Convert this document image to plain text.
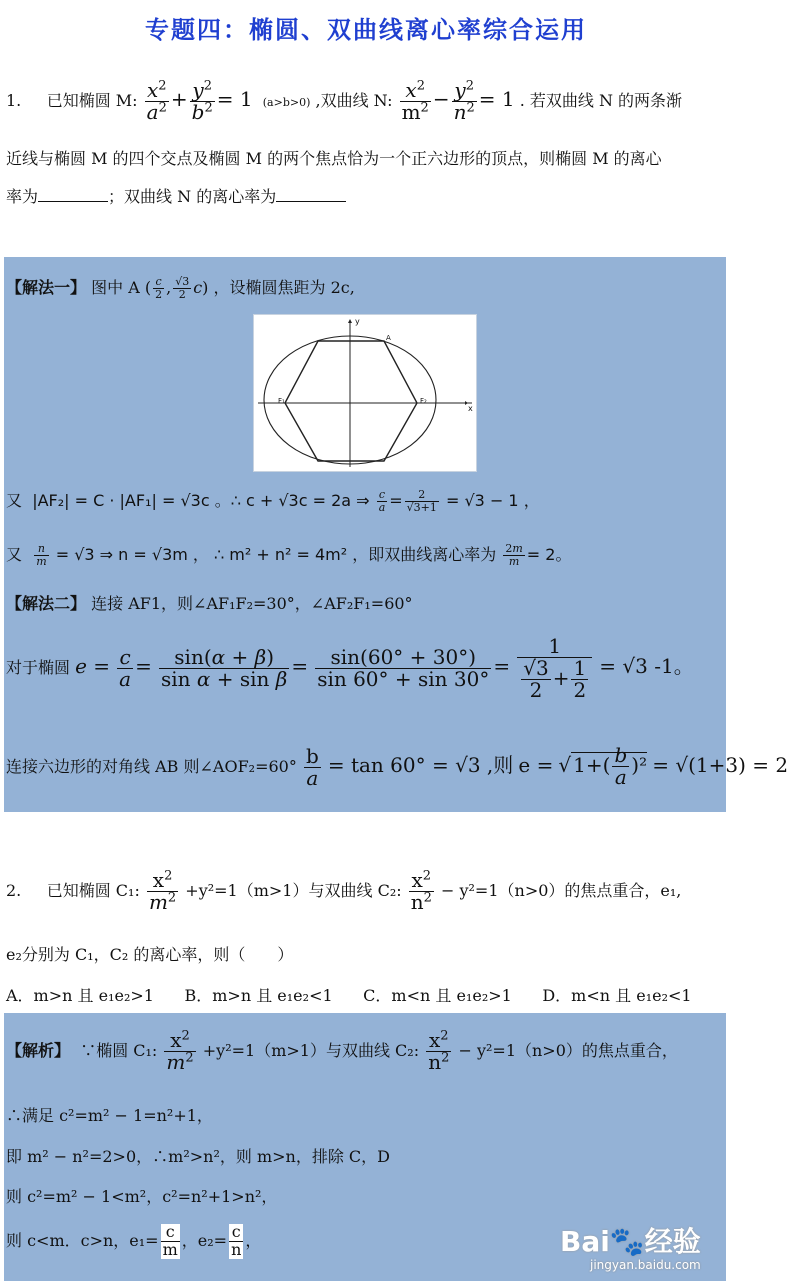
专题四：椭圆、双曲线离心率综合运用
1. 已知椭圆 M: $\frac{x^2}{a^2} + \frac{y^2}{b^2} = 1$ (a>b>0) ,双曲线 N: $\frac{x^2}{m^2} - \frac{y^2}{n^2} = 1$ . 若双曲线 N 的两条渐
近线与椭圆 M 的四个交点及椭圆 M 的两个焦点恰为一个正六边形的顶点，则椭圆 M 的离心
率为	；双曲线 N 的离心率为
【解法一】 图中 A ( $\frac{c}{2}$ , $\frac{√3}{2} c$) ，设椭圆焦距为 2c,
y
x
A
F₁	F₂
又 |AF₂| = C · |AF₁| = √3c 。∴ c + √3c = 2a ⇒ $\frac{c}{a} = \frac{2}{√3+1} = √3 - 1$ ，
又 $\frac{n}{m} = √3$ ⇒ n = √3m ， ∴ m² + n² = 4m² ，即双曲线离心率为 $\frac{2m}{m} = 2$。
【解法二】 连接 AF1，则∠AF₁F₂=30°，∠AF₂F₁=60°
对于椭圆 $e = \frac{c}{a} = \frac{\sin(\alpha + \beta)}{\text{sin α + sin β}} = \frac{\sin(60^\circ + 30^\circ)}{\sin 60^\circ + \sin 30^\circ} = \frac{1}{\frac{√3}{2} + \frac{1}{2}} = √3$ -1。
连接六边形的对角线 AB 则∠AOF₂=60° $\frac{b}{a} = \tan 60^\circ = √3$ ,则 e = √ $1+( \frac{b}{a} )^2 = √(1+3) = 2$
2. 已知椭圆 C₁: $\frac{x^2}{m^2} +y^2=1(m>1)$与双曲线 C₂: $\frac{x^2}{n^2} - y^2=1(n>0)$的焦点重合，e₁,
e₂分别为 C₁，C₂ 的离心率，则（　　）
A．m>n 且 e₁e₂>1 B．m>n 且 e₁e₂<1 C．m<n 且 e₁e₂>1 D．m<n 且 e₁e₂<1
【解析】 ∵椭圆 C₁: $\frac{x^2}{m^2} +y^2=1(m>1)$与双曲线 C₂: $\frac{x^2}{n^2} - y^2=1(n>0)$的焦点重合，
∴满足 c²=m² − 1=n²+1，
即 m² − n²=2>0，∴m²>n²，则 m>n，排除 C，D
则 c²=m² − 1<m²，c²=n²+1>n²，
则 c<m．c>n，$e_1= \frac{c}{m}$ ，$e_2= \frac{c}{n}$ ，	Bai🐾经验
jingyan.baidu.com
